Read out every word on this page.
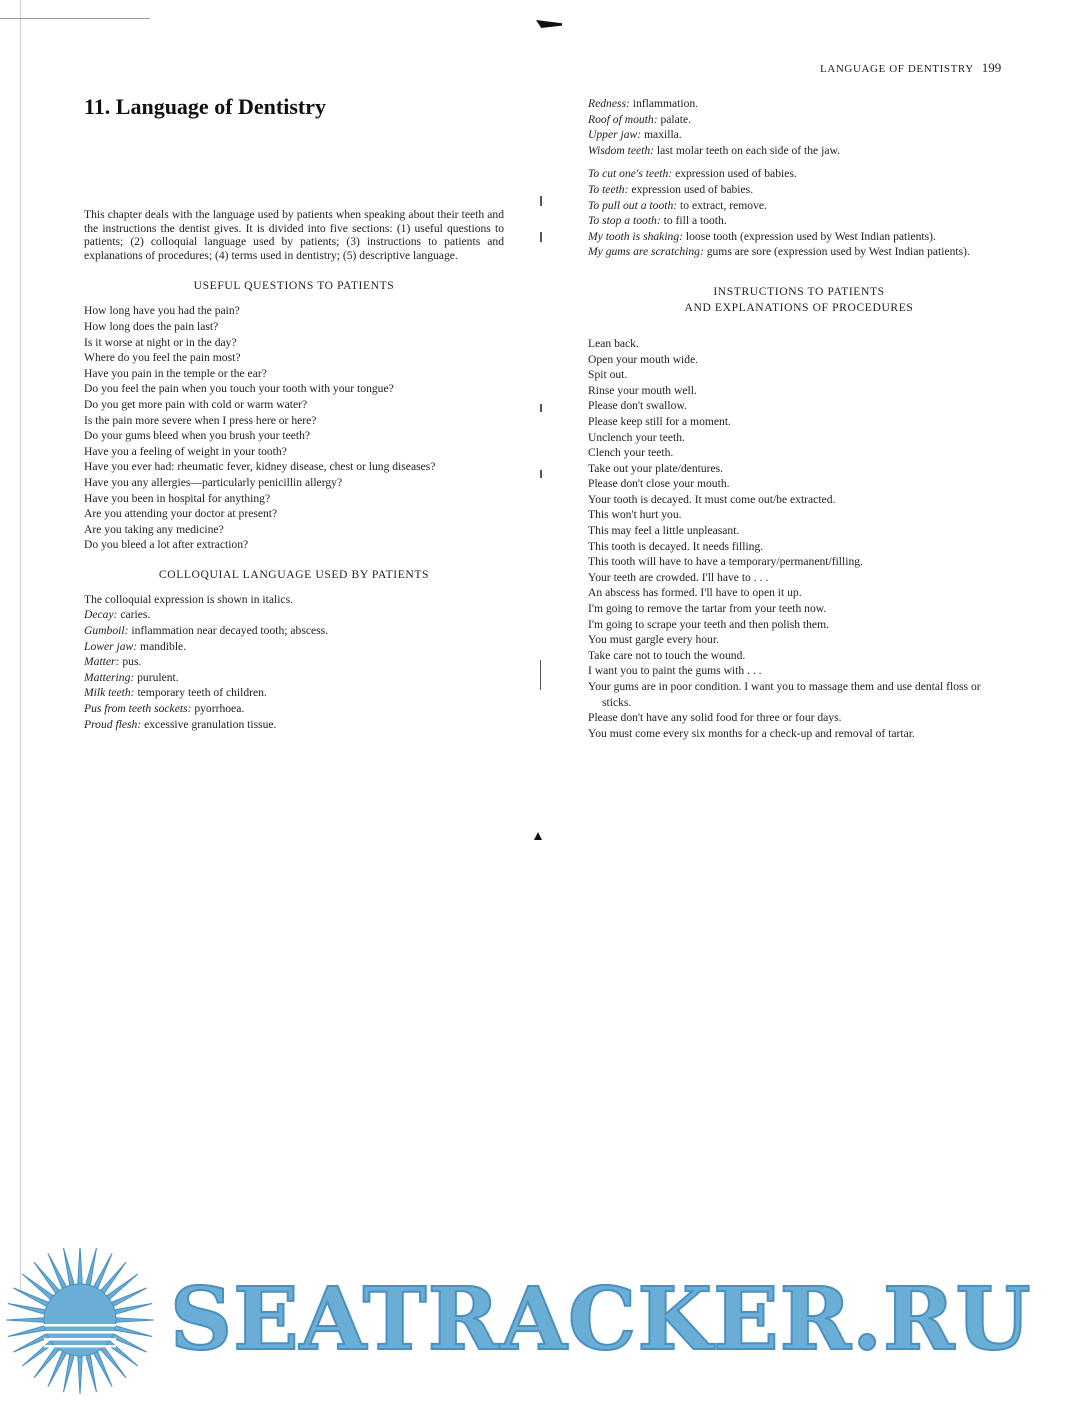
LANGUAGE OF DENTISTRY 199
11. Language of Dentistry

This chapter deals with the language used by patients when speaking about their teeth and the instructions the dentist gives. It is divided into five sections: (1) useful questions to patients; (2) colloquial language used by patients; (3) instructions to patients and explanations of procedures; (4) terms used in dentistry; (5) descriptive language.

USEFUL QUESTIONS TO PATIENTS
How long have you had the pain?
How long does the pain last?
Is it worse at night or in the day?
Where do you feel the pain most?
Have you pain in the temple or the ear?
Do you feel the pain when you touch your tooth with your tongue?
Do you get more pain with cold or warm water?
Is the pain more severe when I press here or here?
Do your gums bleed when you brush your teeth?
Have you a feeling of weight in your tooth?
Have you ever had: rheumatic fever, kidney disease, chest or lung diseases?
Have you any allergies—particularly penicillin allergy?
Have you been in hospital for anything?
Are you attending your doctor at present?
Are you taking any medicine?
Do you bleed a lot after extraction?
COLLOQUIAL LANGUAGE USED BY PATIENTS
The colloquial expression is shown in italics.
Decay: caries.
Gumboil: inflammation near decayed tooth; abscess.
Lower jaw: mandible.
Matter: pus.
Mattering: purulent.
Milk teeth: temporary teeth of children.
Pus from teeth sockets: pyorrhoea.
Proud flesh: excessive granulation tissue.
Redness: inflammation.
Roof of mouth: palate.
Upper jaw: maxilla.
Wisdom teeth: last molar teeth on each side of the jaw.
To cut one's teeth: expression used of babies.
To teeth: expression used of babies.
To pull out a tooth: to extract, remove.
To stop a tooth: to fill a tooth.
My tooth is shaking: loose tooth (expression used by West Indian patients).
My gums are scratching: gums are sore (expression used by West Indian patients).
INSTRUCTIONS TO PATIENTS
AND EXPLANATIONS OF PROCEDURES
Lean back.
Open your mouth wide.
Spit out.
Rinse your mouth well.
Please don't swallow.
Please keep still for a moment.
Unclench your teeth.
Clench your teeth.
Take out your plate/dentures.
Please don't close your mouth.
Your tooth is decayed. It must come out/be extracted.
This won't hurt you.
This may feel a little unpleasant.
This tooth is decayed. It needs filling.
This tooth will have to have a temporary/permanent/filling.
Your teeth are crowded. I'll have to . . .
An abscess has formed. I'll have to open it up.
I'm going to remove the tartar from your teeth now.
I'm going to scrape your teeth and then polish them.
You must gargle every hour.
Take care not to touch the wound.
I want you to paint the gums with . . .
Your gums are in poor condition. I want you to massage them and use dental floss or sticks.
Please don't have any solid food for three or four days.
You must come every six months for a check-up and removal of tartar.
SEATRACKER.RU
